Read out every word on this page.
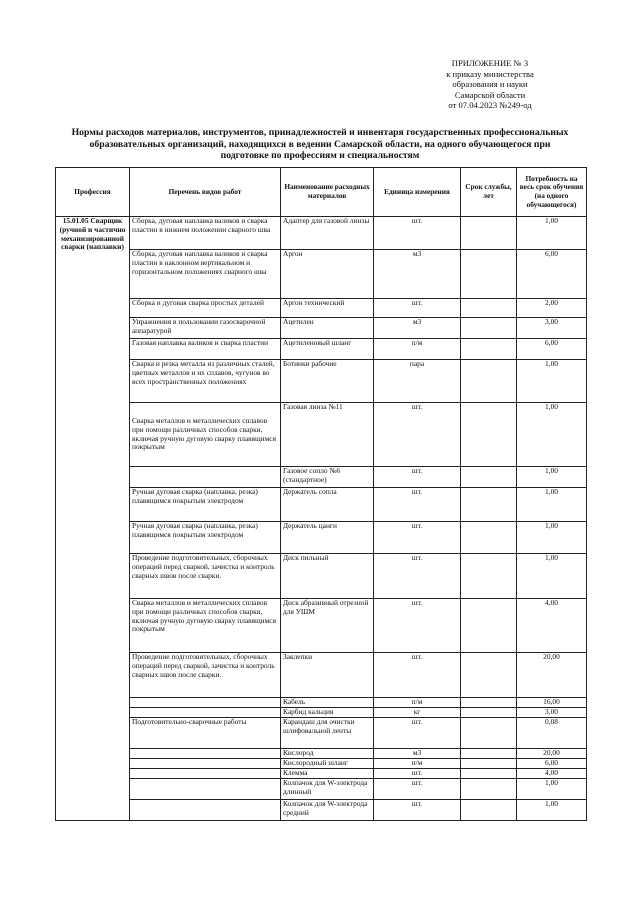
ПРИЛОЖЕНИЕ № 3
к приказу министерства
образования и науки
Самарской области
от 07.04.2023 №249-од
Нормы расходов материалов, инструментов, принадлежностей и инвентаря государственных профессиональных образовательных организаций, находящихся в ведении Самарской области, на одного обучающегося при подготовке по профессиям и специальностям
Профессия	Перечень видов работ	Наименование расходных материалов	Единица измерения	Срок службы, лет	Потребность на весь срок обучения (на одного обучающегося)
15.01.05 Сварщик (ручной и частично механизированной сварки (наплавки)	Сборка, дуговая наплавка валиков и сварка пластин в нижнем положении сварного шва	Адаптер для газовой линзы	шт.		1,00
	Сборка, дуговая наплавка валиков и сварка пластин в наклонном вертикальном и горизонтальном положениях сварного шва	Аргон	м3		6,00
	Сборка и дуговая сварка простых деталей	Аргон технический	шт.		2,00
	Упражнения в пользовании газосварочной аппаратурой	Ацетилен	м3		3,00
	Газовая наплавка валиков и сварка пластин	Ацетиленовый шланг	п/м		6,00
	Сварка и резка металла из различных сталей, цветных металлов и их сплавов, чугунов во всех пространственных положениях	Ботинки рабочие	пара		1,00
	Сварка металлов и металлических сплавов при помощи различных способов сварки, включая ручную дуговую сварку плавящимся покрытым	Газовая линза №11	шт.		1,00
		Газовое сопло №6 (стандартное)	шт.		1,00
	Ручная дуговая сварка (наплавка, резка) плавящимся покрытым электродом	Держатель сопла	шт.		1,00
	Ручная дуговая сварка (наплавка, резка) плавящимся покрытым электродом	Держатель цанги	шт.		1,00
	Проведение подготовительных, сборочных операций перед сваркой, зачистка и контроль сварных швов после сварки.	Диск пильный	шт.		1,00
	Сварка металлов и металлических сплавов при помощи различных способов сварки, включая ручную дуговую сварку плавящимся покрытым	Диск абразивный отрезной для УШМ	шт.		4,00
	Проведение подготовительных, сборочных операций перед сваркой, зачистка и контроль сварных швов после сварки.	Заклепки	шт.		20,00
		Кабель	п/м		16,00
		Карбид кальция	кг		3,00
	Подготовительно-сварочные работы	Карандаш для очистки шлифовальной ленты	шт.		0,08
		Кислород	м3		20,00
		Кислородный шланг	п/м		6,00
		Клемма	шт.		4,00
		Колпачок для W-электрода длинный	шт.		1,00
		Колпачок для W-электрода средний	шт.		1,00
